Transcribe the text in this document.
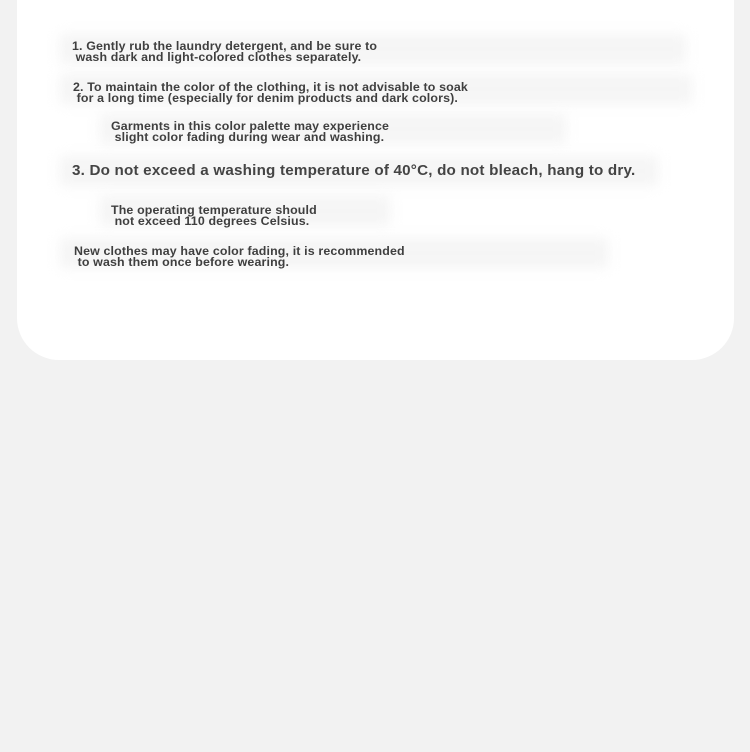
1. Gently rub the laundry detergent, and be sure to

wash dark and light-colored clothes separately.

2. To maintain the color of the clothing, it is not advisable to soak

for a long time (especially for denim products and dark colors).

Garments in this color palette may experience

slight color fading during wear and washing.

3. Do not exceed a washing temperature of 40°C, do not bleach, hang to dry.

The operating temperature should

not exceed 110 degrees Celsius.

New clothes may have color fading, it is recommended

to wash them once before wearing.
